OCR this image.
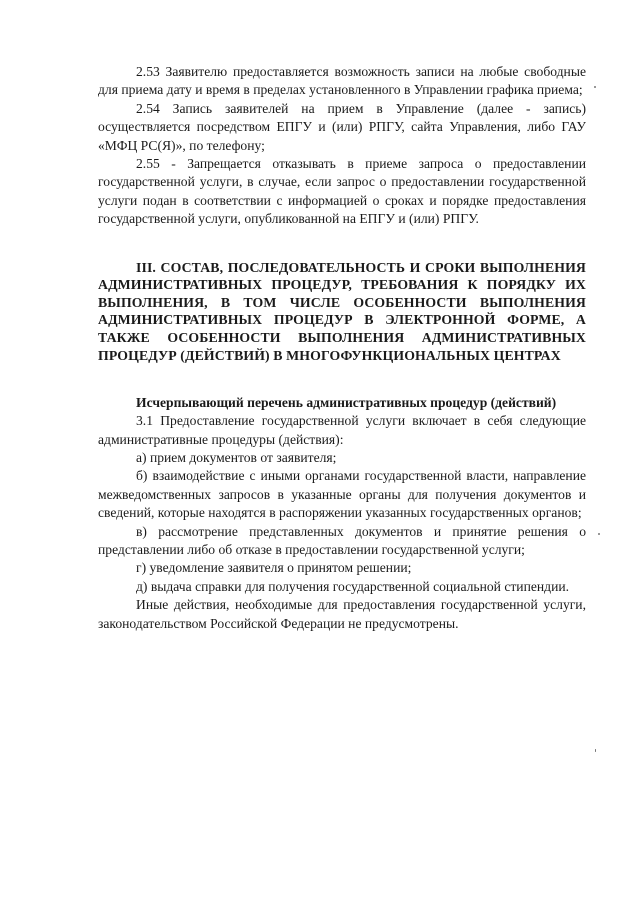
2.53 Заявителю предоставляется возможность записи на любые свободные для приема дату и время в пределах установленного в Управлении графика приема;

2.54 Запись заявителей на прием в Управление (далее - запись) осуществляется посредством ЕПГУ и (или) РПГУ, сайта Управления, либо ГАУ «МФЦ РС(Я)», по телефону;

2.55 - Запрещается отказывать в приеме запроса о предоставлении государственной услуги, в случае, если запрос о предоставлении государственной услуги подан в соответствии с информацией о сроках и порядке предоставления государственной услуги, опубликованной на ЕПГУ и (или) РПГУ.

III. СОСТАВ, ПОСЛЕДОВАТЕЛЬНОСТЬ И СРОКИ ВЫПОЛНЕНИЯ АДМИНИСТРАТИВНЫХ ПРОЦЕДУР, ТРЕБОВАНИЯ К ПОРЯДКУ ИХ ВЫПОЛНЕНИЯ, В ТОМ ЧИСЛЕ ОСОБЕННОСТИ ВЫПОЛНЕНИЯ АДМИНИСТРАТИВНЫХ ПРОЦЕДУР В ЭЛЕКТРОННОЙ ФОРМЕ, А ТАКЖЕ ОСОБЕННОСТИ ВЫПОЛНЕНИЯ АДМИНИСТРАТИВНЫХ ПРОЦЕДУР (ДЕЙСТВИЙ) В МНОГОФУНКЦИОНАЛЬНЫХ ЦЕНТРАХ

Исчерпывающий перечень административных процедур (действий)

3.1 Предоставление государственной услуги включает в себя следующие административные процедуры (действия):

а) прием документов от заявителя;

б) взаимодействие с иными органами государственной власти, направление межведомственных запросов в указанные органы для получения документов и сведений, которые находятся в распоряжении указанных государственных органов;

в) рассмотрение представленных документов и принятие решения о представлении либо об отказе в предоставлении государственной услуги;

г) уведомление заявителя о принятом решении;

д) выдача справки для получения государственной социальной стипендии.

Иные действия, необходимые для предоставления государственной услуги, законодательством Российской Федерации не предусмотрены.
